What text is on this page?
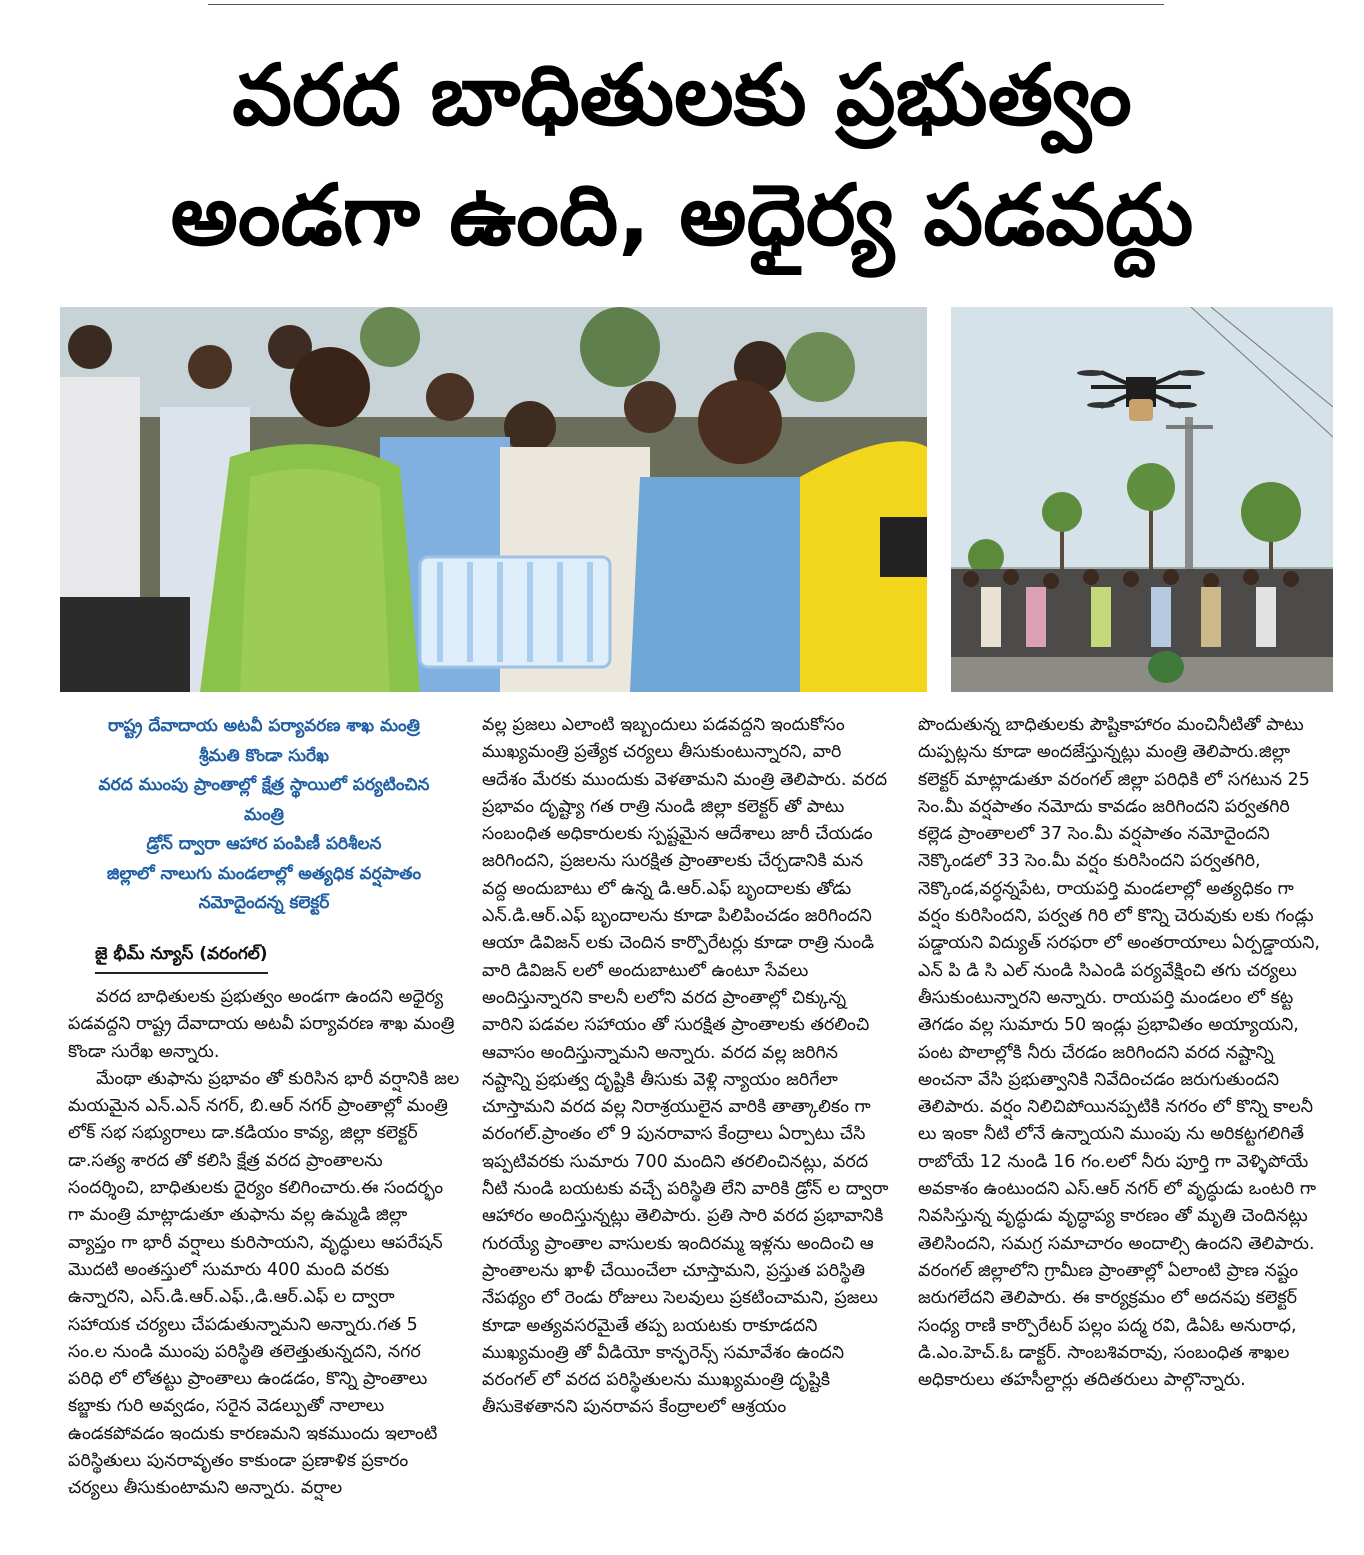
వరద బాధితులకు ప్రభుత్వం
అండగా ఉంది, అధైర్య పడవద్దు
రాష్ట్ర దేవాదాయ అటవీ పర్యావరణ శాఖ మంత్రి
శ్రీమతి కొండా సురేఖ
వరద ముంపు ప్రాంతాల్లో క్షేత్ర స్థాయిలో పర్యటించిన
మంత్రి
డ్రోన్ ద్వారా ఆహార పంపిణీ పరిశీలన
జిల్లాలో నాలుగు మండలాల్లో అత్యధిక వర్షపాతం
నమోదైందన్న కలెక్టర్
జై భీమ్ న్యూస్ (వరంగల్)

వరద బాధితులకు ప్రభుత్వం అండగా ఉందని అధైర్య పడవద్దని రాష్ట్ర దేవాదాయ అటవీ పర్యావరణ శాఖ మంత్రి కొండా సురేఖ అన్నారు.

మేంథా తుఫాను ప్రభావం తో కురిసిన భారీ వర్షానికి జల మయమైన ఎన్.ఎన్ నగర్, బి.ఆర్ నగర్ ప్రాంతాల్లో మంత్రి లోక్ సభ సభ్యురాలు డా.కడియం కావ్య, జిల్లా కలెక్టర్ డా.సత్య శారద తో కలిసి క్షేత్ర వరద ప్రాంతాలను సందర్శించి, బాధితులకు దైర్యం కలిగించారు.ఈ సందర్భం గా మంత్రి మాట్లాడుతూ తుఫాను వల్ల ఉమ్మడి జిల్లా వ్యాప్తం గా భారీ వర్షాలు కురిసాయని, వృద్ధులు ఆపరేషన్ మొదటి అంతస్తులో సుమారు 400 మంది వరకు ఉన్నారని, ఎస్.డి.ఆర్.ఎఫ్.,డి.ఆర్.ఎఫ్ ల ద్వారా సహాయక చర్యలు చేపడుతున్నామని అన్నారు.గత 5 సం.ల నుండి ముంపు పరిస్థితి తలెత్తుతున్నదని, నగర పరిధి లో లోతట్టు ప్రాంతాలు ఉండడం, కొన్ని ప్రాంతాలు కబ్జాకు గురి అవ్వడం, సరైన వెడల్పుతో నాలాలు ఉండకపోవడం ఇందుకు కారణమని ఇకముందు ఇలాంటి పరిస్థితులు పునరావృతం కాకుండా ప్రణాళిక ప్రకారం చర్యలు తీసుకుంటామని అన్నారు. వర్షాల

వల్ల ప్రజలు ఎలాంటి ఇబ్బందులు పడవద్దని ఇందుకోసం ముఖ్యమంత్రి ప్రత్యేక చర్యలు తీసుకుంటున్నారని, వారి ఆదేశం మేరకు ముందుకు వెళతామని మంత్రి తెలిపారు. వరద ప్రభావం దృష్ట్యా గత రాత్రి నుండి జిల్లా కలెక్టర్ తో పాటు సంబంధిత అధికారులకు స్పష్టమైన ఆదేశాలు జారీ చేయడం జరిగిందని, ప్రజలను సురక్షిత ప్రాంతాలకు చేర్చడానికి మన వద్ద అందుబాటు లో ఉన్న డి.ఆర్.ఎఫ్ బృందాలకు తోడు ఎన్.డి.ఆర్.ఎఫ్ బృందాలను కూడా పిలిపించడం జరిగిందని ఆయా డివిజన్ లకు చెందిన కార్పొరేటర్లు కూడా రాత్రి నుండి వారి డివిజన్ లలో అందుబాటులో ఉంటూ సేవలు అందిస్తున్నారని కాలనీ లలోని వరద ప్రాంతాల్లో చిక్కున్న వారిని పడవల సహాయం తో సురక్షిత ప్రాంతాలకు తరలించి ఆవాసం అందిస్తున్నామని అన్నారు. వరద వల్ల జరిగిన నష్టాన్ని ప్రభుత్వ దృష్టికి తీసుకు వెళ్లి న్యాయం జరిగేలా చూస్తామని వరద వల్ల నిరాశ్రయులైన వారికి తాత్కాలికం గా వరంగల్.ప్రాంతం లో 9 పునరావాస కేంద్రాలు ఏర్పాటు చేసి ఇప్పటివరకు సుమారు 700 మందిని తరలించినట్లు, వరద నీటి నుండి బయటకు వచ్చే పరిస్థితి లేని వారికి డ్రోన్ ల ద్వారా ఆహారం అందిస్తున్నట్లు తెలిపారు. ప్రతి సారి వరద ప్రభావానికి గురయ్యే ప్రాంతాల వాసులకు ఇందిరమ్మ ఇళ్లను అందించి ఆ ప్రాంతాలను ఖాళీ చేయించేలా చూస్తామని, ప్రస్తుత పరిస్థితి నేపథ్యం లో రెండు రోజులు సెలవులు ప్రకటించామని, ప్రజలు కూడా అత్యవసరమైతే తప్ప బయటకు రాకూడదని ముఖ్యమంత్రి తో వీడియో కాన్ఫరెన్స్ సమావేశం ఉందని వరంగల్ లో వరద పరిస్థితులను ముఖ్యమంత్రి దృష్టికి తీసుకెళతానని పునరావస కేంద్రాలలో ఆశ్రయం

పొందుతున్న బాధితులకు పౌష్టికాహారం మంచినీటితో పాటు దుప్పట్లను కూడా అందజేస్తున్నట్లు మంత్రి తెలిపారు.జిల్లా కలెక్టర్ మాట్లాడుతూ వరంగల్ జిల్లా పరిధికి లో సగటున 25 సెం.మీ వర్షపాతం నమోదు కావడం జరిగిందని పర్వతగిరి కల్లెడ ప్రాంతాలలో 37 సెం.మీ వర్షపాతం నమోదైందని నెక్కొండలో 33 సెం.మీ వర్షం కురిసిందని పర్వతగిరి, నెక్కొండ,వర్ధన్నపేట, రాయపర్తి మండలాల్లో అత్యధికం గా వర్షం కురిసిందని, పర్వత గిరి లో కొన్ని చెరువుకు లకు గండ్లు పడ్డాయని విద్యుత్ సరఫరా లో అంతరాయాలు ఏర్పడ్డాయని, ఎన్ పి డి సి ఎల్ నుండి సిఎండి పర్యవేక్షించి తగు చర్యలు తీసుకుంటున్నారని అన్నారు. రాయపర్తి మండలం లో కట్ట తెగడం వల్ల సుమారు 50 ఇండ్లు ప్రభావితం అయ్యాయని, పంట పొలాల్లోకి నీరు చేరడం జరిగిందని వరద నష్టాన్ని అంచనా వేసి ప్రభుత్వానికి నివేదించడం జరుగుతుందని తెలిపారు. వర్షం నిలిచిపోయినప్పటికి నగరం లో కొన్ని కాలనీ లు ఇంకా నీటి లోనే ఉన్నాయని ముంపు ను అరికట్టగలిగితే రాబోయే 12 నుండి 16 గం.లలో నీరు పూర్తి గా వెళ్ళిపోయే అవకాశం ఉంటుందని ఎస్.ఆర్ నగర్ లో వృద్ధుడు ఒంటరి గా నివసిస్తున్న వృద్ధుడు వృద్ధాప్య కారణం తో మృతి చెందినట్లు తెలిసిందని, సమగ్ర సమాచారం అందాల్సి ఉందని తెలిపారు. వరంగల్ జిల్లాలోని గ్రామీణ ప్రాంతాల్లో ఏలాంటి ప్రాణ నష్టం జరుగలేదని తెలిపారు. ఈ కార్యక్రమం లో అదనపు కలెక్టర్ సంధ్య రాణి కార్పొరేటర్ పల్లం పద్మ రవి, డిఏఓ అనురాధ, డి.ఎం.హెచ్.ఓ డాక్టర్. సాంబశివరావు, సంబంధిత శాఖల అధికారులు తహసీల్దార్లు తదితరులు పాల్గొన్నారు.
